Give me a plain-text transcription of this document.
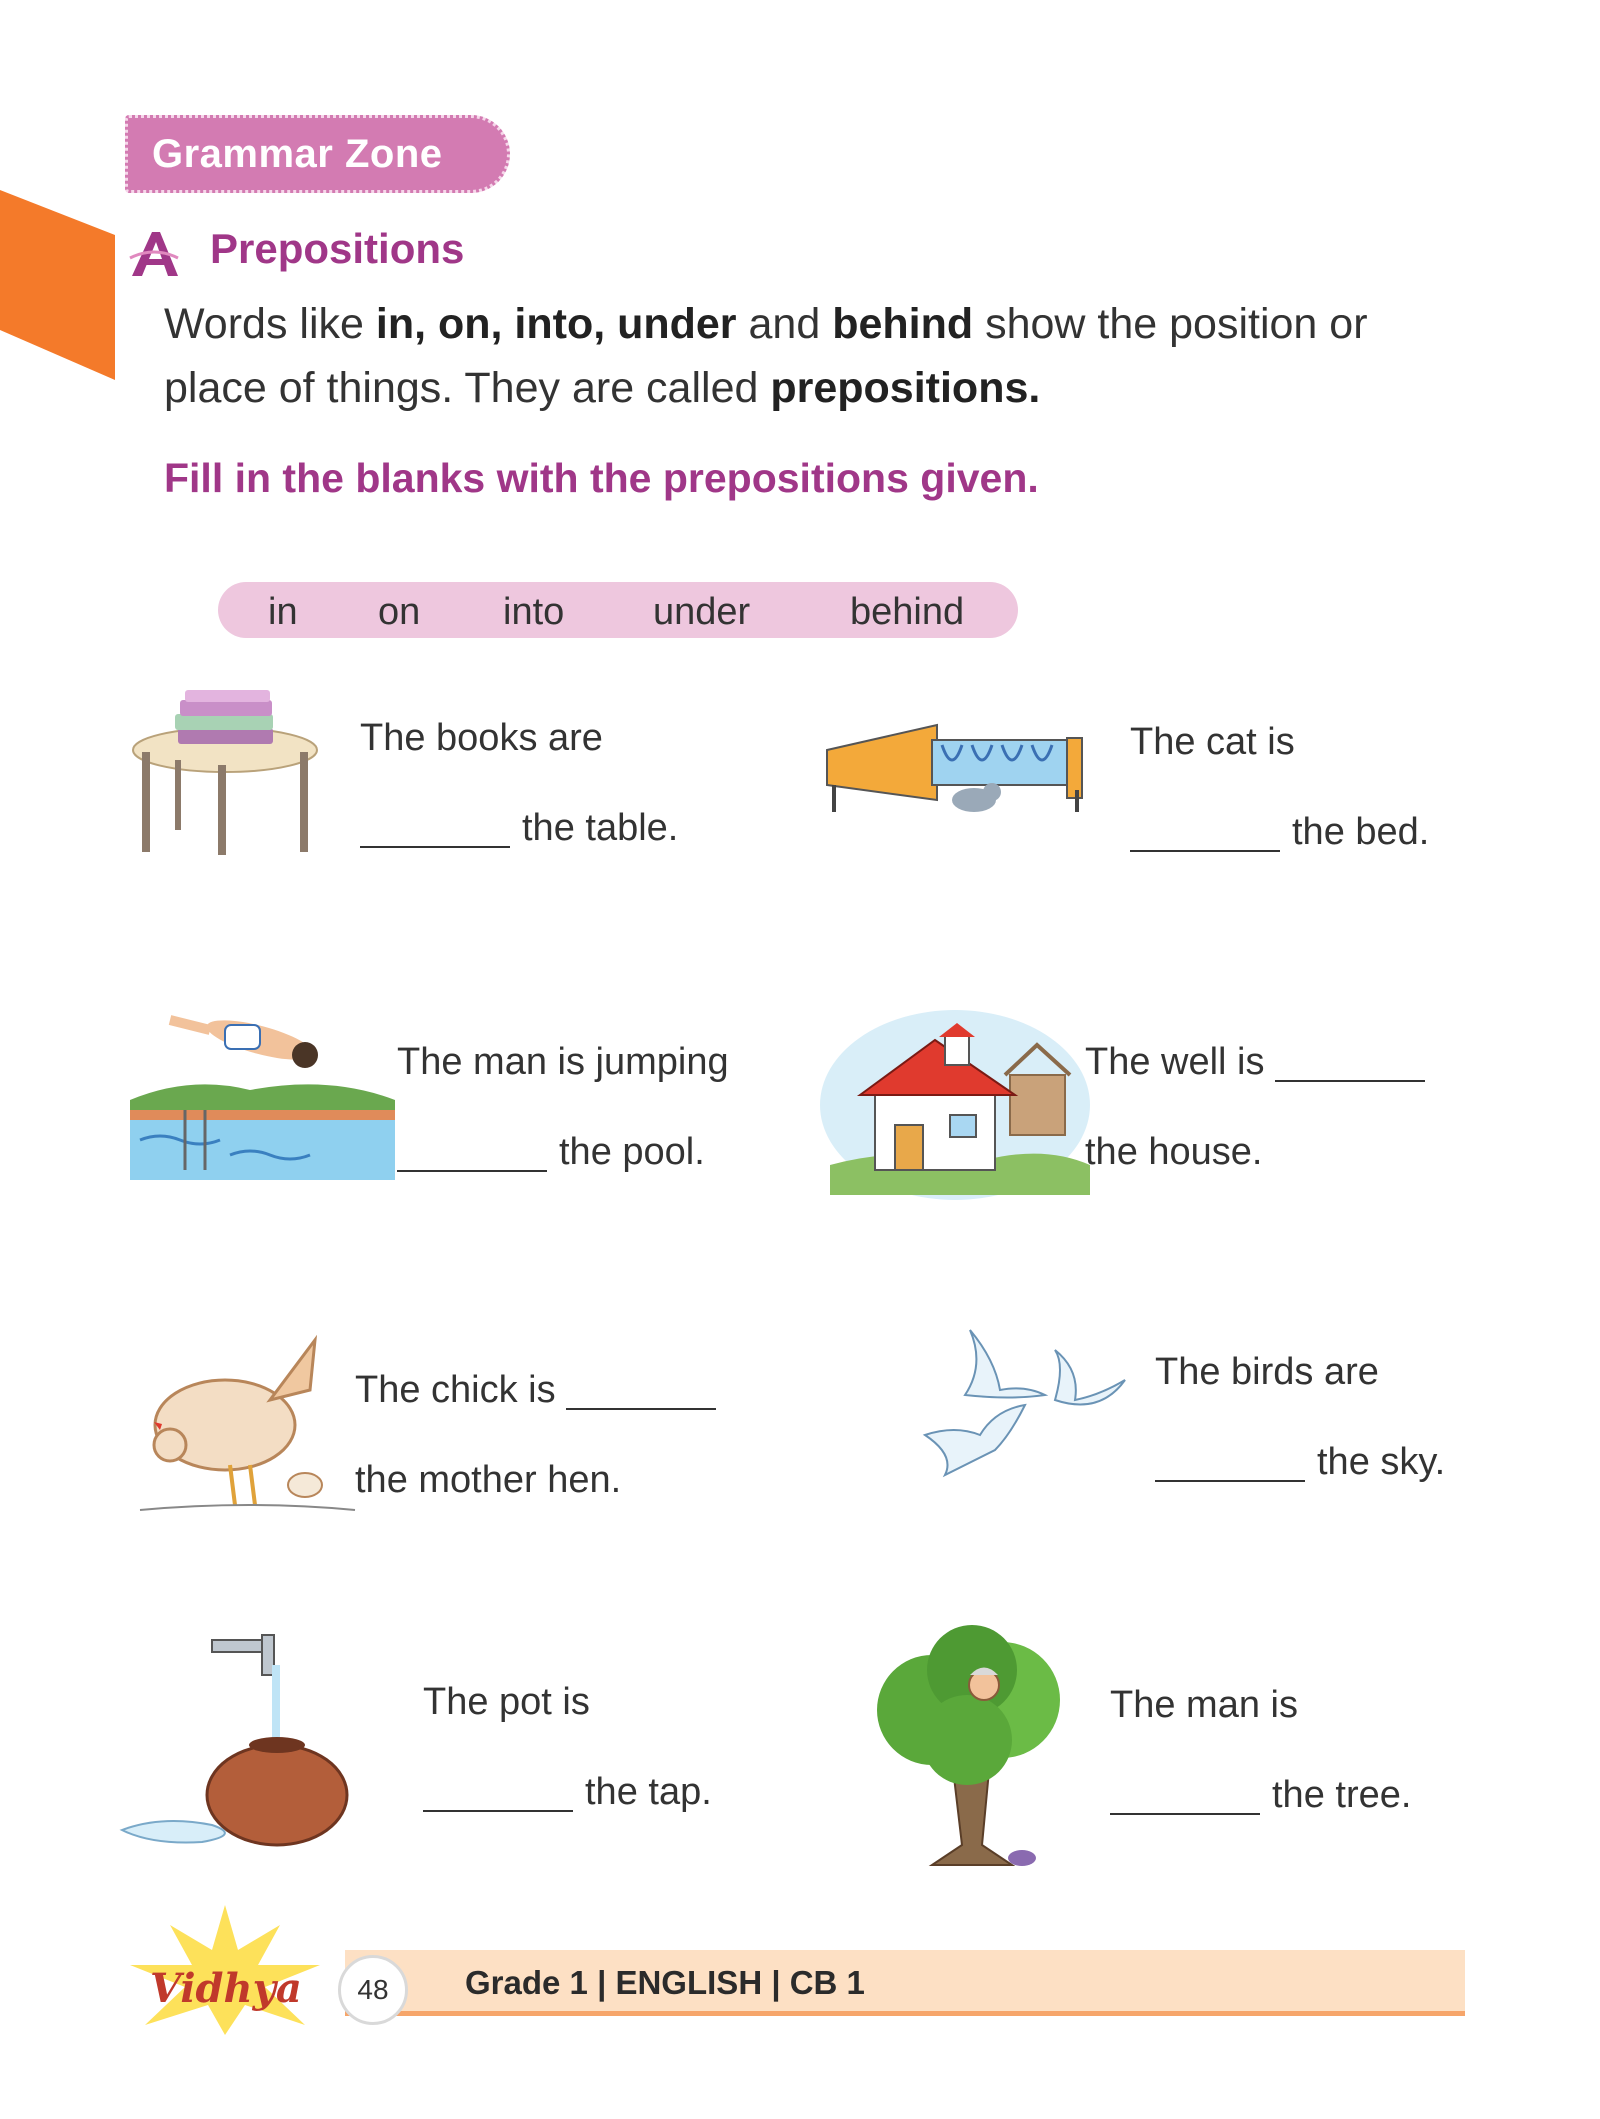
Grammar Zone
Prepositions
Words like in, on, into, under and behind show the position or place of things. They are called prepositions.
Fill in the blanks with the prepositions given.
in on into under	behind
The books are
the table.
The cat is
the bed.
The man is jumping
the pool.
The well is
the house.
The chick is
the mother hen.
The birds are
the sky.
The pot is
the tap.
The man is
the tree.
Vidhya	48	Grade 1 | ENGLISH | CB 1
